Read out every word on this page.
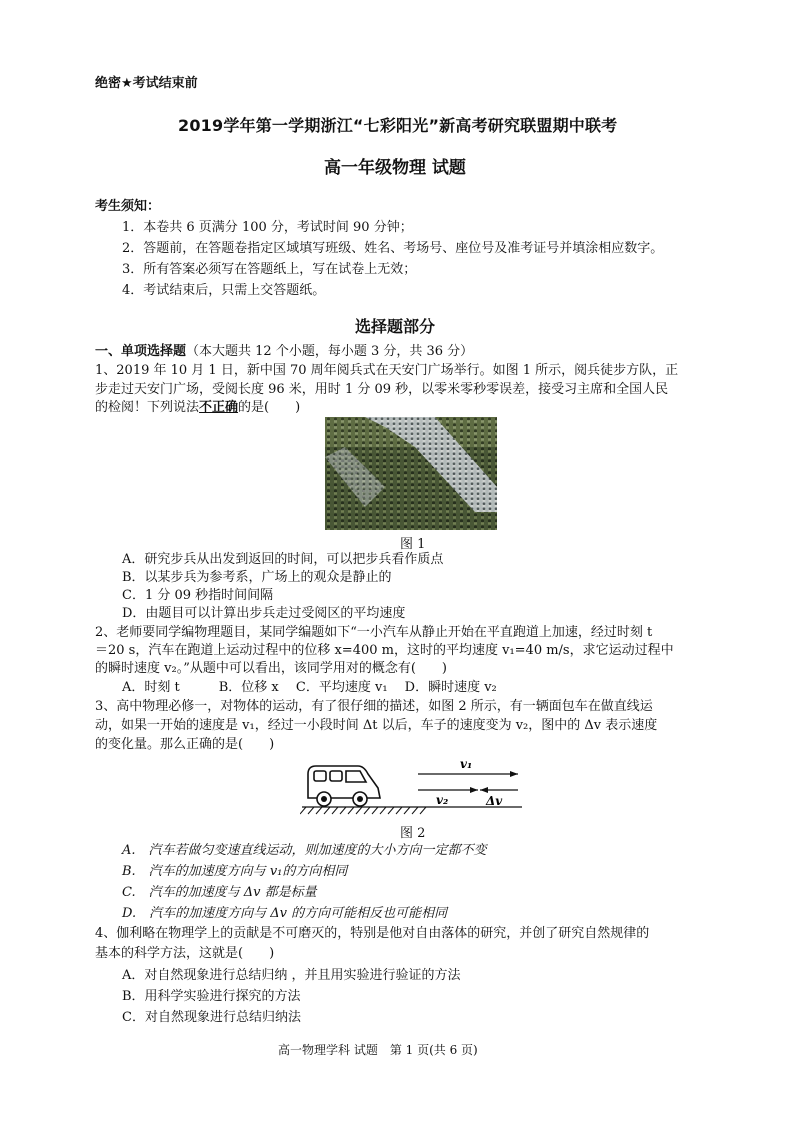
绝密★考试结束前
2019学年第一学期浙江“七彩阳光”新高考研究联盟期中联考
高一年级物理 试题
考生须知：
1．本卷共 6 页满分 100 分，考试时间 90 分钟；
2．答题前，在答题卷指定区域填写班级、姓名、考场号、座位号及准考证号并填涂相应数字。
3．所有答案必须写在答题纸上，写在试卷上无效；
4．考试结束后，只需上交答题纸。
选择题部分
一、单项选择题（本大题共 12 个小题，每小题 3 分，共 36 分）
1、2019 年 10 月 1 日，新中国 70 周年阅兵式在天安门广场举行。如图 1 所示，阅兵徒步方队，正
步走过天安门广场，受阅长度 96 米，用时 1 分 09 秒，以零米零秒零误差，接受习主席和全国人民
的检阅！下列说法不正确的是(　　)
图 1
A．研究步兵从出发到返回的时间，可以把步兵看作质点
B．以某步兵为参考系，广场上的观众是静止的
C．1 分 09 秒指时间间隔
D．由题目可以计算出步兵走过受阅区的平均速度
2、老师要同学编物理题目，某同学编题如下“一小汽车从静止开始在平直跑道上加速，经过时刻 t
＝20 s，汽车在跑道上运动过程中的位移 x=400 m，这时的平均速度 v₁=40 m/s，求它运动过程中
的瞬时速度 v₂。”从题中可以看出，该同学用对的概念有(　　)
A．时刻 t　　　B．位移 x　 C．平均速度 v₁　 D．瞬时速度 v₂
3、高中物理必修一，对物体的运动，有了很仔细的描述，如图 2 所示，有一辆面包车在做直线运
动，如果一开始的速度是 v₁，经过一小段时间 Δt 以后，车子的速度变为 v₂，图中的 Δv 表示速度
的变化量。那么正确的是(　　)
v₁
v₂	Δv
图 2
A.　汽车若做匀变速直线运动，则加速度的大小方向一定都不变
B.　汽车的加速度方向与 v₁的方向相同
C.　汽车的加速度与 Δv 都是标量
D.　汽车的加速度方向与 Δv 的方向可能相反也可能相同
4、伽利略在物理学上的贡献是不可磨灭的，特别是他对自由落体的研究，并创了研究自然规律的
基本的科学方法，这就是(　　)
A．对自然现象进行总结归纳 ，并且用实验进行验证的方法
B．用科学实验进行探究的方法
C．对自然现象进行总结归纳法
高一物理学科 试题　第 1 页(共 6 页)
